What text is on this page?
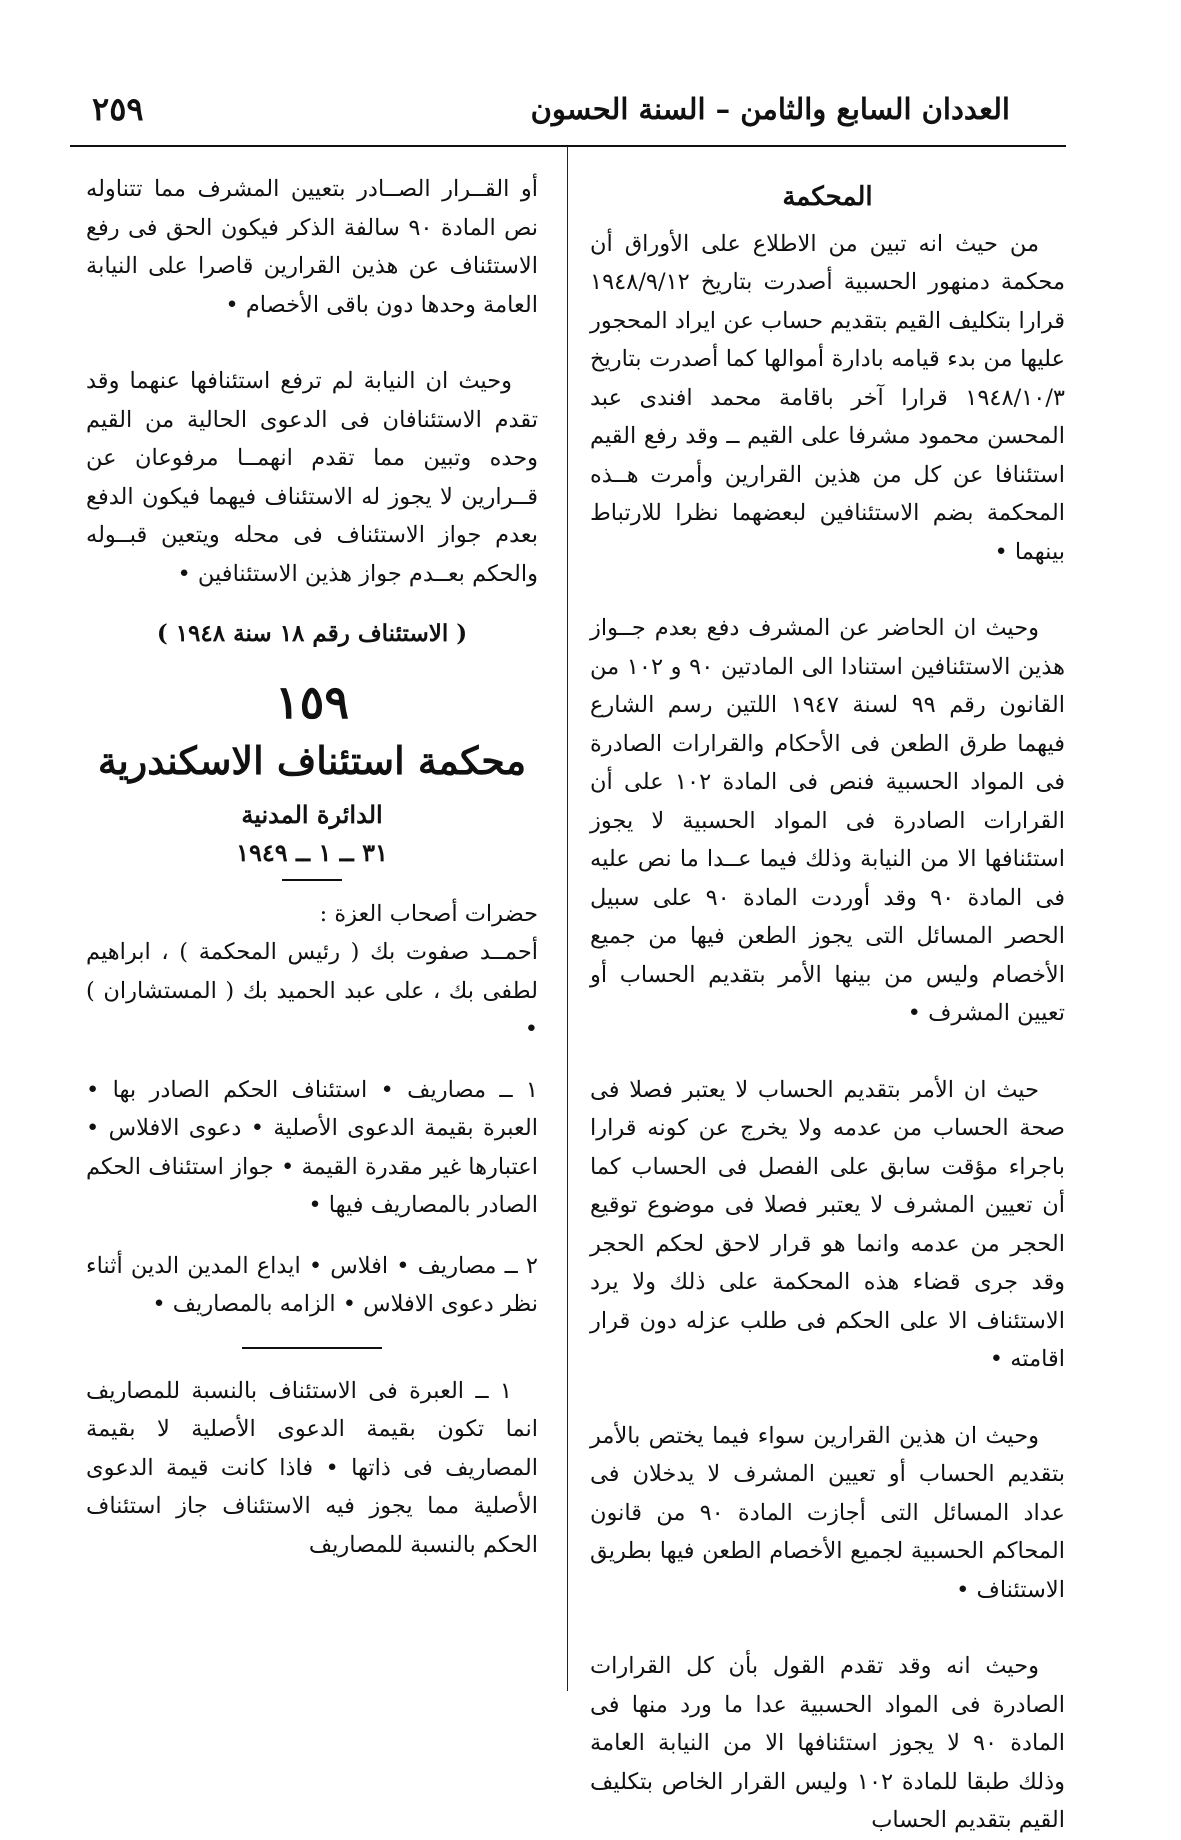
العددان السابع والثامن – السنة الحسون
٢٥٩

المحكمة

من حيث انه تبين من الاطلاع على الأوراق أن محكمة دمنهور الحسبية أصدرت بتاريخ ١٩٤٨/٩/١٢ قرارا بتكليف القيم بتقديم حساب عن ايراد المحجور عليها من بدء قيامه بادارة أموالها كما أصدرت بتاريخ ١٩٤٨/١٠/٣ قرارا آخر باقامة محمد افندى عبد المحسن محمود مشرفا على القيم ــ وقد رفع القيم استئنافا عن كل من هذين القرارين وأمرت هــذه المحكمة بضم الاستئنافين لبعضهما نظرا للارتباط بينهما •

وحيث ان الحاضر عن المشرف دفع بعدم جــواز هذين الاستئنافين استنادا الى المادتين ٩٠ و ١٠٢ من القانون رقم ٩٩ لسنة ١٩٤٧ اللتين رسم الشارع فيهما طرق الطعن فى الأحكام والقرارات الصادرة فى المواد الحسبية فنص فى المادة ١٠٢ على أن القرارات الصادرة فى المواد الحسبية لا يجوز استئنافها الا من النيابة وذلك فيما عــدا ما نص عليه فى المادة ٩٠ وقد أوردت المادة ٩٠ على سبيل الحصر المسائل التى يجوز الطعن فيها من جميع الأخصام وليس من بينها الأمر بتقديم الحساب أو تعيين المشرف •

حيث ان الأمر بتقديم الحساب لا يعتبر فصلا فى صحة الحساب من عدمه ولا يخرج عن كونه قرارا باجراء مؤقت سابق على الفصل فى الحساب كما أن تعيين المشرف لا يعتبر فصلا فى موضوع توقيع الحجر من عدمه وانما هو قرار لاحق لحكم الحجر وقد جرى قضاء هذه المحكمة على ذلك ولا يرد الاستئناف الا على الحكم فى طلب عزله دون قرار اقامته •

وحيث ان هذين القرارين سواء فيما يختص بالأمر بتقديم الحساب أو تعيين المشرف لا يدخلان فى عداد المسائل التى أجازت المادة ٩٠ من قانون المحاكم الحسبية لجميع الأخصام الطعن فيها بطريق الاستئناف •

وحيث انه وقد تقدم القول بأن كل القرارات الصادرة فى المواد الحسبية عدا ما ورد منها فى المادة ٩٠ لا يجوز استئنافها الا من النيابة العامة وذلك طبقا للمادة ١٠٢ وليس القرار الخاص بتكليف القيم بتقديم الحساب

أو القــرار الصــادر بتعيين المشرف مما تتناوله نص المادة ٩٠ سالفة الذكر فيكون الحق فى رفع الاستئناف عن هذين القرارين قاصرا على النيابة العامة وحدها دون باقى الأخصام •

وحيث ان النيابة لم ترفع استئنافها عنهما وقد تقدم الاستئنافان فى الدعوى الحالية من القيم وحده وتبين مما تقدم انهمــا مرفوعان عن قــرارين لا يجوز له الاستئناف فيهما فيكون الدفع بعدم جواز الاستئناف فى محله ويتعين قبــوله والحكم بعــدم جواز هذين الاستئنافين •

( الاستئناف رقم ١٨ سنة ١٩٤٨ )

١٥٩

محكمة استئناف الاسكندرية

الدائرة المدنية

٣١ ــ ١ ــ ١٩٤٩

حضرات أصحاب العزة :

أحمــد صفوت بك ( رئيس المحكمة ) ، ابراهيم لطفى بك ، على عبد الحميد بك ( المستشاران ) •

١ ــ مصاريف • استئناف الحكم الصادر بها • العبرة بقيمة الدعوى الأصلية • دعوى الافلاس • اعتبارها غير مقدرة القيمة • جواز استئناف الحكم الصادر بالمصاريف فيها •

٢ ــ مصاريف • افلاس • ايداع المدين الدين أثناء نظر دعوى الافلاس • الزامه بالمصاريف •

١ ــ العبرة فى الاستئناف بالنسبة للمصاريف انما تكون بقيمة الدعوى الأصلية لا بقيمة المصاريف فى ذاتها • فاذا كانت قيمة الدعوى الأصلية مما يجوز فيه الاستئناف جاز استئناف الحكم بالنسبة للمصاريف
